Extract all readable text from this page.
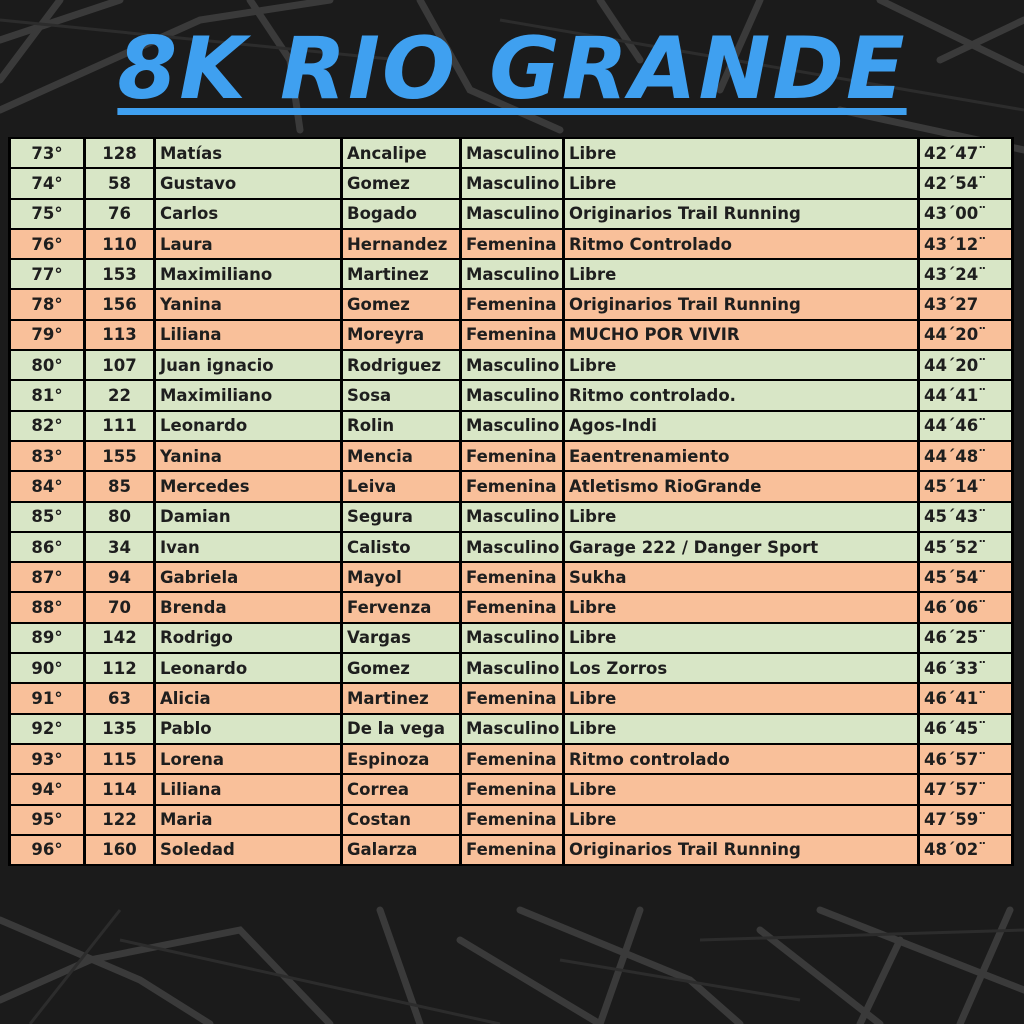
8K RIO GRANDE
73°	128	Matías	Ancalipe	Masculino	Libre	42´47¨
74°	58	Gustavo	Gomez	Masculino	Libre	42´54¨
75°	76	Carlos	Bogado	Masculino	Originarios Trail Running	43´00¨
76°	110	Laura	Hernandez	Femenina	Ritmo Controlado	43´12¨
77°	153	Maximiliano	Martinez	Masculino	Libre	43´24¨
78°	156	Yanina	Gomez	Femenina	Originarios Trail Running	43´27
79°	113	Liliana	Moreyra	Femenina	MUCHO POR VIVIR	44´20¨
80°	107	Juan ignacio	Rodriguez	Masculino	Libre	44´20¨
81°	22	Maximiliano	Sosa	Masculino	Ritmo controlado.	44´41¨
82°	111	Leonardo	Rolin	Masculino	Agos-Indi	44´46¨
83°	155	Yanina	Mencia	Femenina	Eaentrenamiento	44´48¨
84°	85	Mercedes	Leiva	Femenina	Atletismo RioGrande	45´14¨
85°	80	Damian	Segura	Masculino	Libre	45´43¨
86°	34	Ivan	Calisto	Masculino	Garage 222 / Danger Sport	45´52¨
87°	94	Gabriela	Mayol	Femenina	Sukha	45´54¨
88°	70	Brenda	Fervenza	Femenina	Libre	46´06¨
89°	142	Rodrigo	Vargas	Masculino	Libre	46´25¨
90°	112	Leonardo	Gomez	Masculino	Los Zorros	46´33¨
91°	63	Alicia	Martinez	Femenina	Libre	46´41¨
92°	135	Pablo	De la vega	Masculino	Libre	46´45¨
93°	115	Lorena	Espinoza	Femenina	Ritmo controlado	46´57¨
94°	114	Liliana	Correa	Femenina	Libre	47´57¨
95°	122	Maria	Costan	Femenina	Libre	47´59¨
96°	160	Soledad	Galarza	Femenina	Originarios Trail Running	48´02¨
